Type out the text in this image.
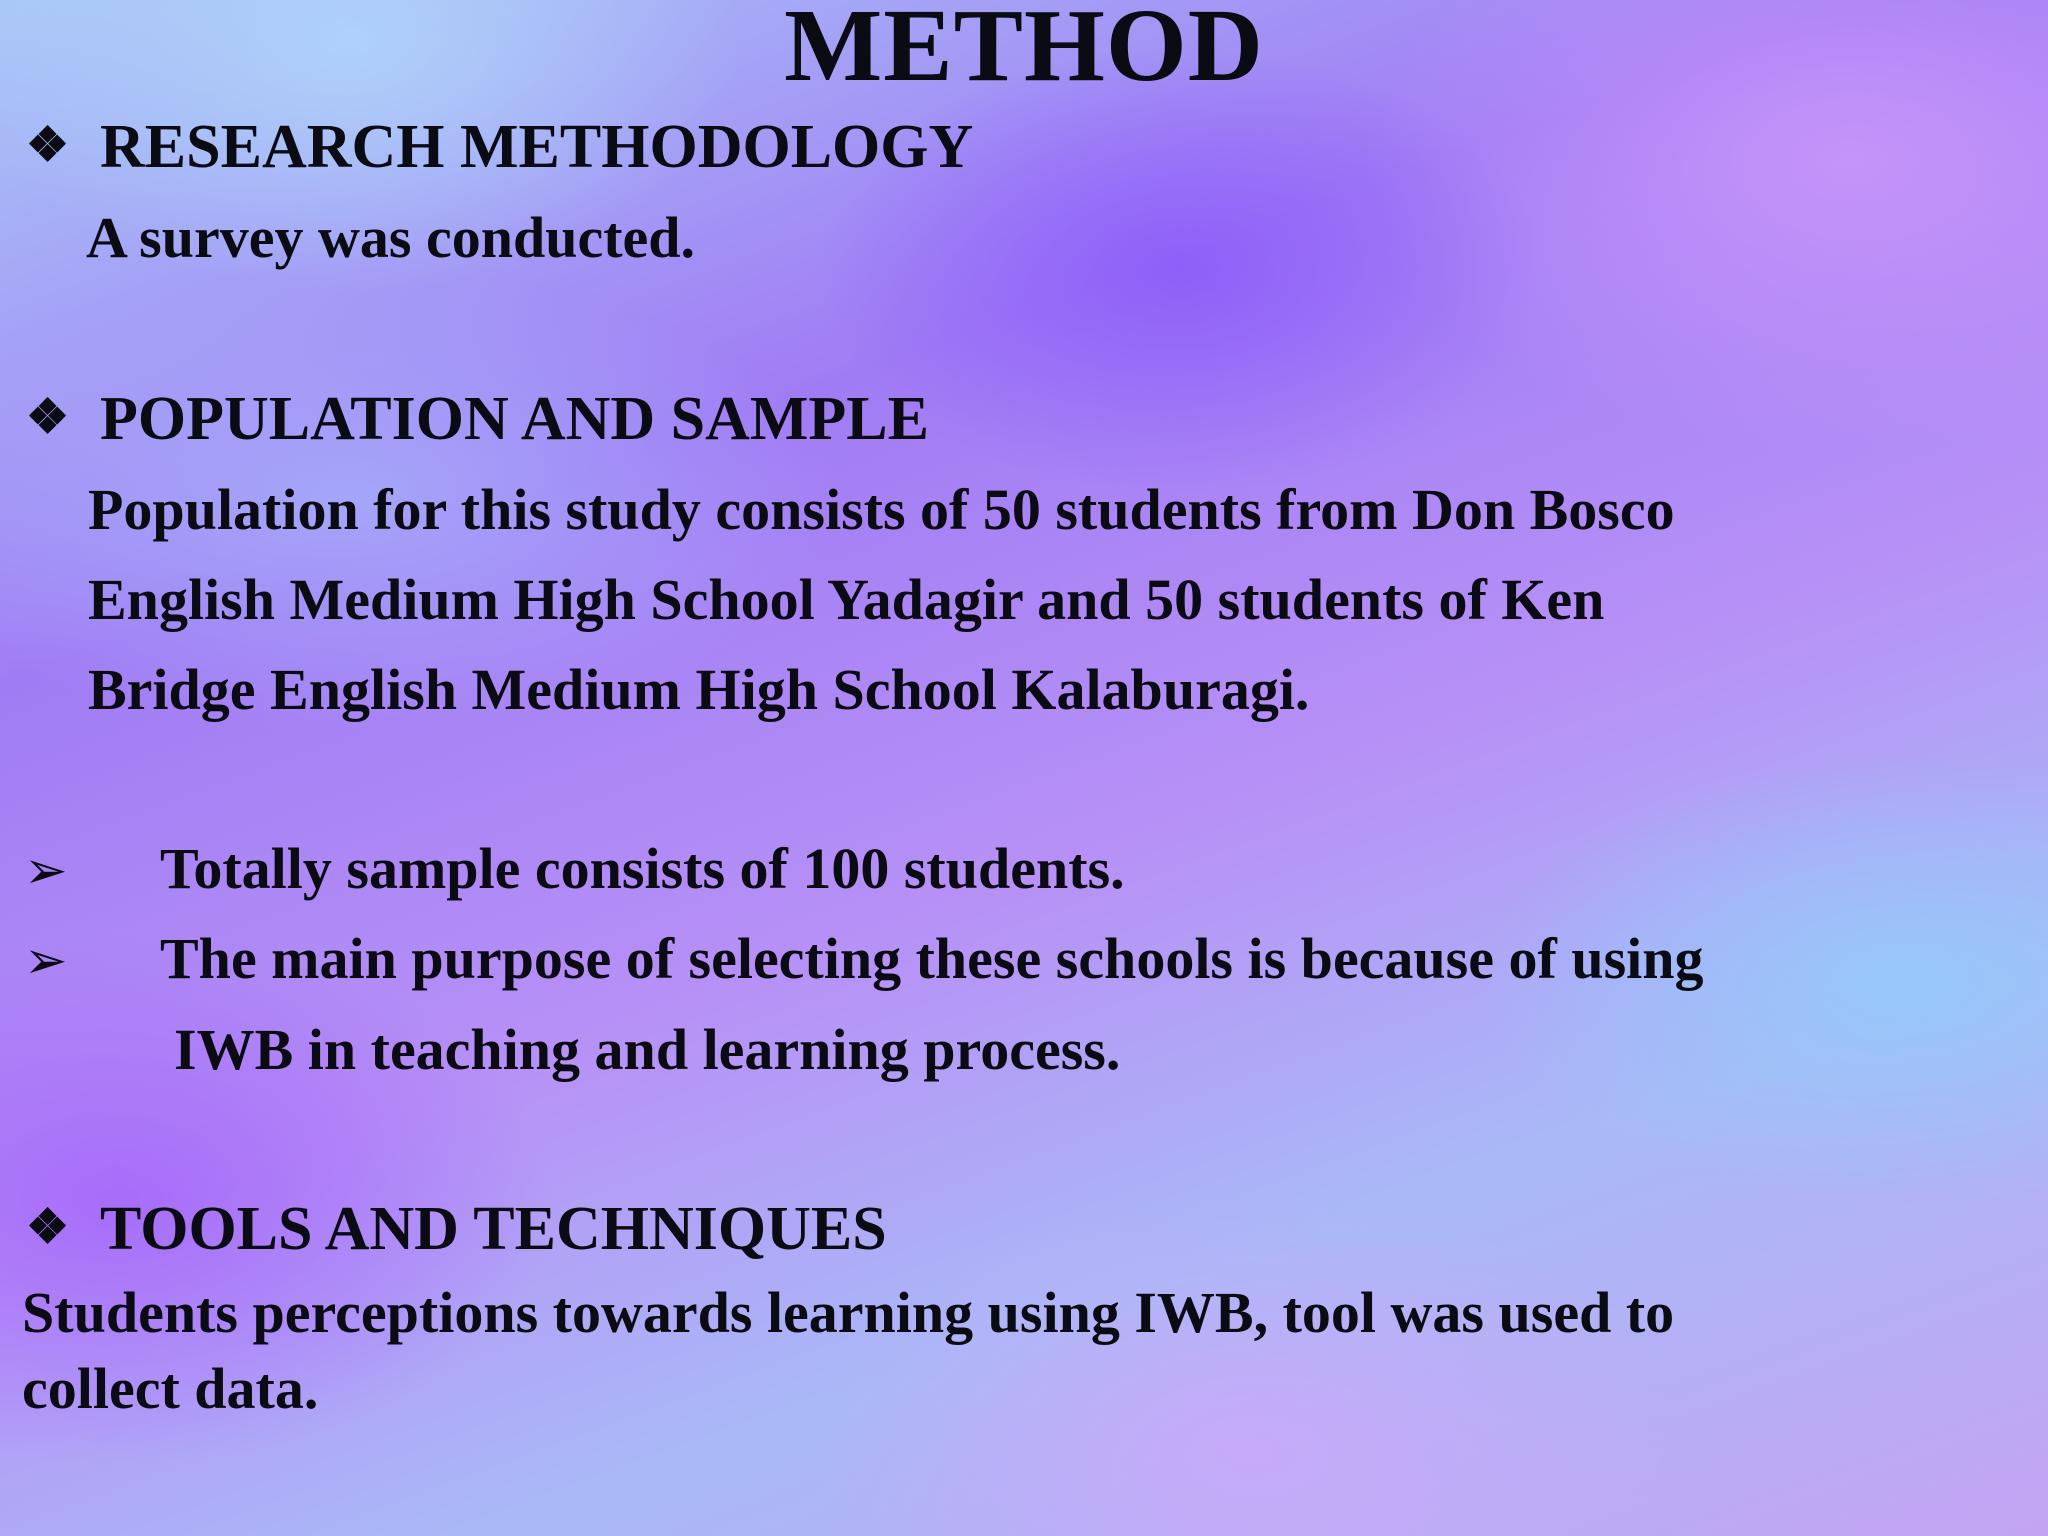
METHOD
❖ RESEARCH METHODOLOGY
A survey was conducted.
❖ POPULATION AND SAMPLE
Population for this study consists of 50 students from Don Bosco
English Medium High School Yadagir and 50 students of Ken
Bridge English Medium High School Kalaburagi.
➢ Totally sample consists of 100 students.
➢ The main purpose of selecting these schools is because of using
IWB in teaching and learning process.
❖ TOOLS AND TECHNIQUES
Students perceptions towards learning using IWB, tool was used to
collect data.
